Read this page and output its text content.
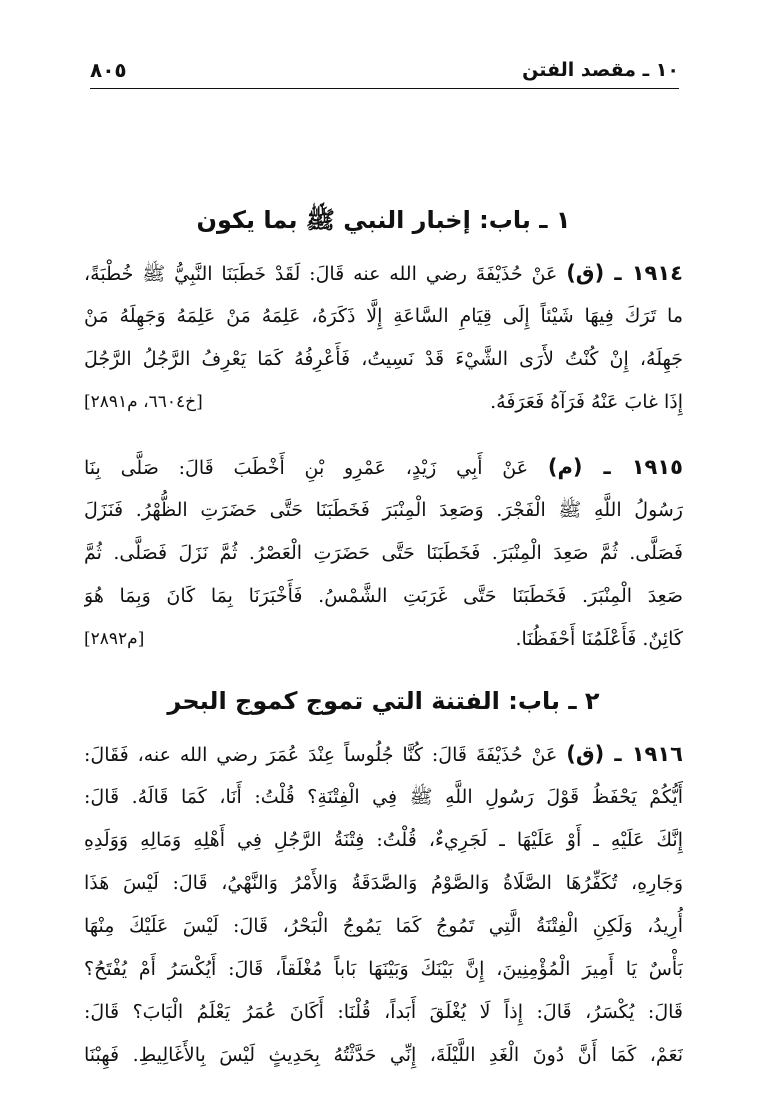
١٠ ـ مقصد الفتن
٨٠٥
١ ـ باب: إخبار النبي ﷺ بما يكون
١٩١٤ ـ (ق) عَنْ حُذَيْفَةَ رضي الله عنه قَالَ: لَقَدْ خَطَبَنَا النَّبِيُّ ﷺ خُطْبَةً،
ما تَرَكَ فِيهَا شَيْئاً إِلَى قِيَامِ السَّاعَةِ إِلَّا ذَكَرَهُ، عَلِمَهُ مَنْ عَلِمَهُ وَجَهِلَهُ مَنْ
جَهِلَهُ، إِنْ كُنْتُ لأَرَى الشَّيْءَ قَدْ نَسِيتُ، فَأَعْرِفُهُ كَمَا يَعْرِفُ الرَّجُلُ الرَّجُلَ
إِذَا غابَ عَنْهُ فَرَآهُ فَعَرَفَهُ.
[خ٦٦٠٤، م٢٨٩١]
١٩١٥ ـ (م) عَنْ أَبِي زَيْدٍ، عَمْرِو بْنِ أَخْطَبَ قَالَ: صَلَّى بِنَا
رَسُولُ اللَّهِ ﷺ الْفَجْرَ. وَصَعِدَ الْمِنْبَرَ فَخَطَبَنَا حَتَّى حَضَرَتِ الظُّهْرُ. فَنَزَلَ
فَصَلَّى. ثُمَّ صَعِدَ الْمِنْبَرَ. فَخَطَبَنَا حَتَّى حَضَرَتِ الْعَصْرُ. ثُمَّ نَزَلَ فَصَلَّى. ثُمَّ
صَعِدَ الْمِنْبَرَ. فَخَطَبَنَا حَتَّى غَرَبَتِ الشَّمْسُ. فَأَخْبَرَنَا بِمَا كَانَ وَبِمَا هُوَ
كَائِنٌ. فَأَعْلَمُنَا أَحْفَظُنَا.
[م٢٨٩٢]
٢ ـ باب: الفتنة التي تموج كموج البحر
١٩١٦ ـ (ق) عَنْ حُذَيْفَةَ قَالَ: كُنَّا جُلُوساً عِنْدَ عُمَرَ رضي الله عنه، فَقَالَ:
أَيُّكُمْ يَحْفَظُ قَوْلَ رَسُولِ اللَّهِ ﷺ فِي الْفِتْنَةِ؟ قُلْتُ: أَنَا، كَمَا قَالَهُ. قَالَ:
إِنَّكَ عَلَيْهِ ـ أَوْ عَلَيْهَا ـ لَجَرِيءٌ، قُلْتُ: فِتْنَةُ الرَّجُلِ فِي أَهْلِهِ وَمَالِهِ وَوَلَدِهِ
وَجَارِهِ، تُكَفِّرُهَا الصَّلَاةُ وَالصَّوْمُ وَالصَّدَقَةُ وَالأَمْرُ وَالنَّهْيُ، قَالَ: لَيْسَ هَذَا
أُرِيدُ، وَلَكِنِ الْفِتْنَةُ الَّتِي تَمُوجُ كَمَا يَمُوجُ الْبَحْرُ، قَالَ: لَيْسَ عَلَيْكَ مِنْهَا
بَأْسٌ يَا أَمِيرَ الْمُؤْمِنِينَ، إِنَّ بَيْنَكَ وَبَيْنَهَا بَاباً مُغْلَقاً، قَالَ: أَيُكْسَرُ أَمْ يُفْتَحُ؟
قَالَ: يُكْسَرُ، قَالَ: إِذاً لَا يُغْلَقَ أَبَداً، قُلْنَا: أَكَانَ عُمَرُ يَعْلَمُ الْبَابَ؟ قَالَ:
نَعَمْ، كَمَا أَنَّ دُونَ الْغَدِ اللَّيْلَةَ، إِنِّي حَدَّثْتُهُ بِحَدِيثٍ لَيْسَ بِالأَغَالِيطِ. فَهِبْنَا
